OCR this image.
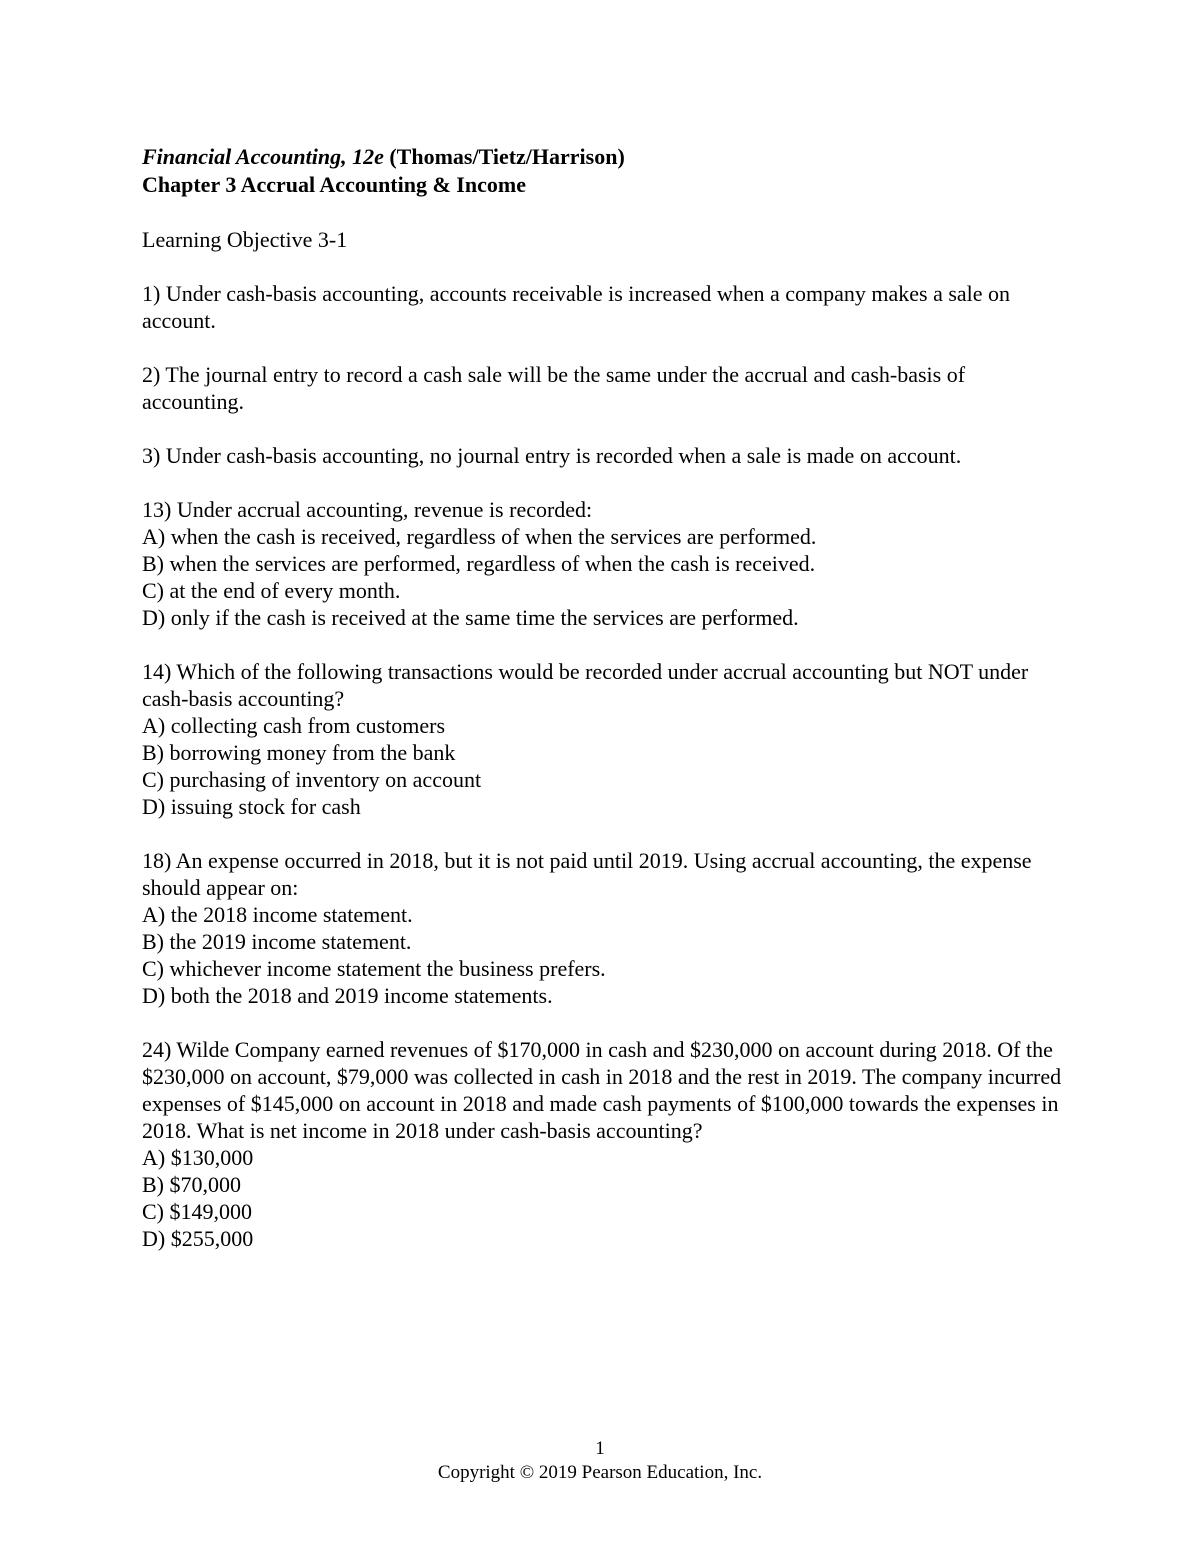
Financial Accounting, 12e (Thomas/Tietz/Harrison)

Chapter 3 Accrual Accounting & Income

Learning Objective 3-1

1) Under cash-basis accounting, accounts receivable is increased when a company makes a sale on account.

2) The journal entry to record a cash sale will be the same under the accrual and cash-basis of accounting.

3) Under cash-basis accounting, no journal entry is recorded when a sale is made on account.

13) Under accrual accounting, revenue is recorded:

A) when the cash is received, regardless of when the services are performed.
B) when the services are performed, regardless of when the cash is received.
C) at the end of every month.
D) only if the cash is received at the same time the services are performed.

14) Which of the following transactions would be recorded under accrual accounting but NOT under cash-basis accounting?

A) collecting cash from customers
B) borrowing money from the bank
C) purchasing of inventory on account
D) issuing stock for cash

18) An expense occurred in 2018, but it is not paid until 2019. Using accrual accounting, the expense should appear on:

A) the 2018 income statement.
B) the 2019 income statement.
C) whichever income statement the business prefers.
D) both the 2018 and 2019 income statements.

24) Wilde Company earned revenues of $170,000 in cash and $230,000 on account during 2018. Of the $230,000 on account, $79,000 was collected in cash in 2018 and the rest in 2019. The company incurred expenses of $145,000 on account in 2018 and made cash payments of $100,000 towards the expenses in 2018. What is net income in 2018 under cash-basis accounting?

A) $130,000
B) $70,000
C) $149,000
D) $255,000
1
Copyright © 2019 Pearson Education, Inc.
